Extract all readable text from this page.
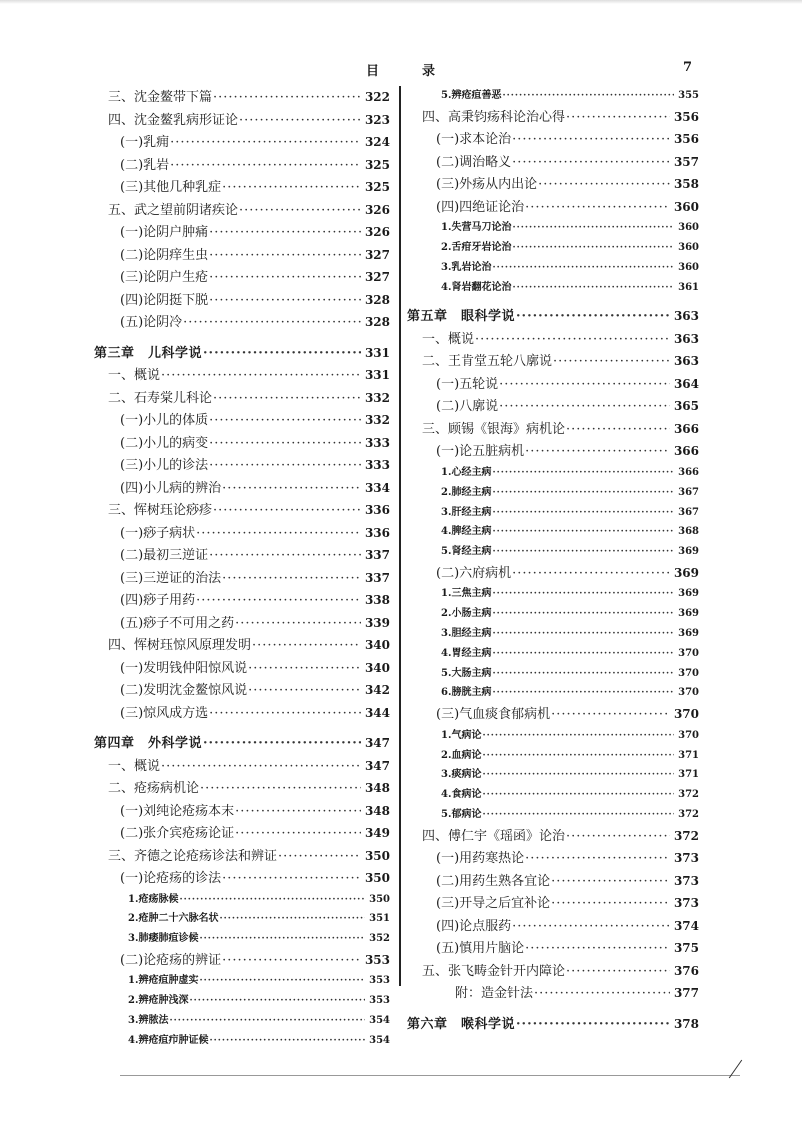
目	录	7
三、沈金鳌带下篇 ·····	322
四、沈金鳌乳病形证论 ·····	323
(一)乳痈 ·····	324
(二)乳岩 ·····	325
(三)其他几种乳症 ·····	325
五、武之望前阴诸疾论 ·····	326
(一)论阴户肿痛 ·····	326
(二)论阴痒生虫 ·····	327
(三)论阴户生疮 ·····	327
(四)论阴挺下脱 ·····	328
(五)论阴冷 ·····	328
第三章　儿科学说 ·····	331
一、概说 ·····	331
二、石寿棠儿科论 ·····	332
(一)小儿的体质 ·····	332
(二)小儿的病变 ·····	333
(三)小儿的诊法 ·····	333
(四)小儿病的辨治 ·····	334
三、恽树珏论痧疹 ·····	336
(一)痧子病状 ·····	336
(二)最初三逆证 ·····	337
(三)三逆证的治法 ·····	337
(四)痧子用药 ·····	338
(五)痧子不可用之药 ·····	339
四、恽树珏惊风原理发明 ·····	340
(一)发明钱仲阳惊风说 ·····	340
(二)发明沈金鳌惊风说 ·····	342
(三)惊风成方选 ·····	344
第四章　外科学说 ·····	347
一、概说 ·····	347
二、疮疡病机论 ·····	348
(一)刘纯论疮疡本末 ·····	348
(二)张介宾疮疡论证 ·····	349
三、齐德之论疮疡诊法和辨证 ·····	350
(一)论疮疡的诊法 ·····	350
1.疮疡脉候 ·····	350
2.疮肿二十六脉名状 ·····	351
3.肺痿肺疽诊候 ·····	352
(二)论疮疡的辨证 ·····	353
1.辨疮疽肿虚实 ·····	353
2.辨疮肿浅深 ·····	353
3.辨脓法 ·····	354
4.辨疮疽疖肿证候 ·····	354
5.辨疮疽善恶 ·····	355
四、高秉钧疡科论治心得 ·····	356
(一)求本论治 ·····	356
(二)调治略义 ·····	357
(三)外疡从内出论 ·····	358
(四)四绝证论治 ·····	360
1.失营马刀论治 ·····	360
2.舌疳牙岩论治 ·····	360
3.乳岩论治 ·····	360
4.肾岩翻花论治 ·····	361
第五章　眼科学说 ·····	363
一、概说 ·····	363
二、王肯堂五轮八廓说 ·····	363
(一)五轮说 ·····	364
(二)八廓说 ·····	365
三、顾锡《银海》病机论 ·····	366
(一)论五脏病机 ·····	366
1.心经主病 ·····	366
2.肺经主病 ·····	367
3.肝经主病 ·····	367
4.脾经主病 ·····	368
5.肾经主病 ·····	369
(二)六府病机 ·····	369
1.三焦主病 ·····	369
2.小肠主病 ·····	369
3.胆经主病 ·····	369
4.胃经主病 ·····	370
5.大肠主病 ·····	370
6.膀胱主病 ·····	370
(三)气血痰食郁病机 ·····	370
1.气病论 ·····	370
2.血病论 ·····	371
3.痰病论 ·····	371
4.食病论 ·····	372
5.郁病论 ·····	372
四、傅仁宇《瑶函》论治 ·····	372
(一)用药寒热论 ·····	373
(二)用药生熟各宜论 ·····	373
(三)开导之后宜补论 ·····	373
(四)论点服药 ·····	374
(五)慎用片脑论 ·····	375
五、张飞畴金针开内障论 ·····	376
附：造金针法 ·····	377
第六章　喉科学说 ·····	378
